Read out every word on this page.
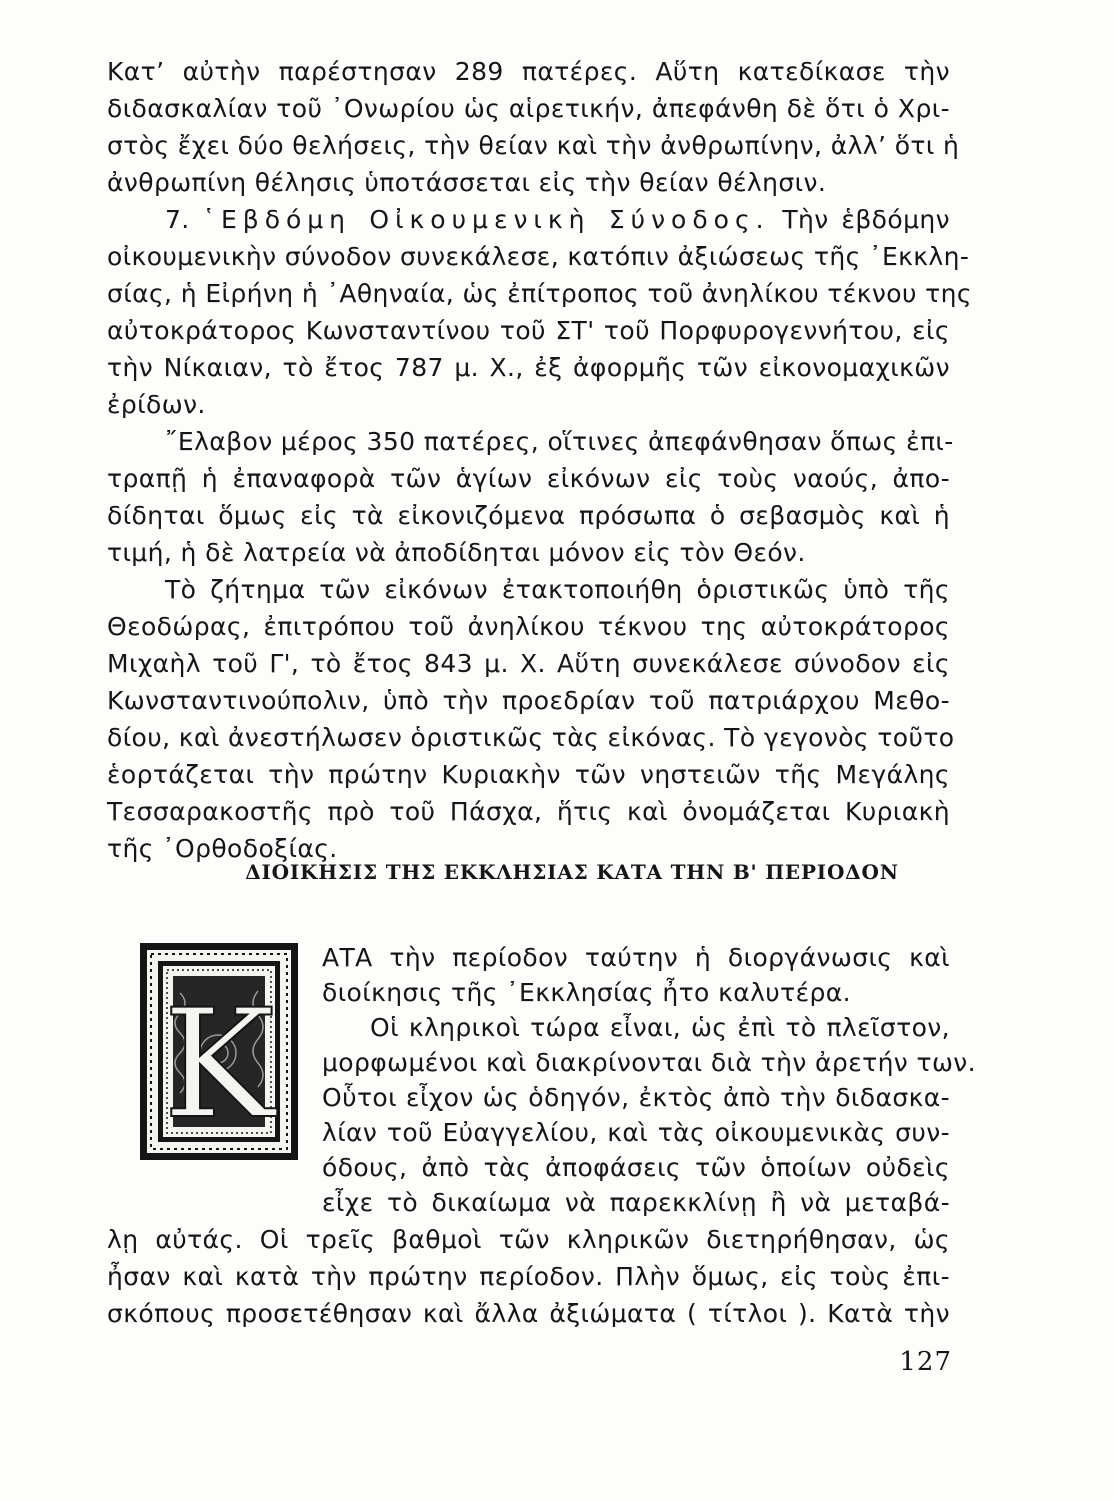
Κατ’ αὐτὴν παρέστησαν 289 πατέρες. Αὕτη κατεδίκασε τὴν
διδασκαλίαν τοῦ ᾿Ονωρίου ὡς αἱρετικήν, ἀπεφάνθη δὲ ὅτι ὁ Χρι-
στὸς ἔχει δύο θελήσεις, τὴν θείαν καὶ τὴν ἀνθρωπίνην, ἀλλ’ ὅτι ἡ
ἀνθρωπίνη θέλησις ὑποτάσσεται εἰς τὴν θείαν θέλησιν.
7. ῾Εβδόμη Οἰκουμενικὴ Σύνοδος. Τὴν ἑβδόμην
οἰκουμενικὴν σύνοδον συνεκάλεσε, κατόπιν ἀξιώσεως τῆς ᾿Εκκλη-
σίας, ἡ Εἰρήνη ἡ ᾿Αθηναία, ὡς ἐπίτροπος τοῦ ἀνηλίκου τέκνου της
αὐτοκράτορος Κωνσταντίνου τοῦ ΣΤ' τοῦ Πορφυρογεννήτου, εἰς
τὴν Νίκαιαν, τὸ ἔτος 787 μ. Χ., ἐξ ἀφορμῆς τῶν εἰκονομαχικῶν
ἐρίδων.
῎Ελαβον μέρος 350 πατέρες, οἵτινες ἀπεφάνθησαν ὅπως ἐπι-
τραπῇ ἡ ἐπαναφορὰ τῶν ἁγίων εἰκόνων εἰς τοὺς ναούς, ἀπο-
δίδηται ὅμως εἰς τὰ εἰκονιζόμενα πρόσωπα ὁ σεβασμὸς καὶ ἡ
τιμή, ἡ δὲ λατρεία νὰ ἀποδίδηται μόνον εἰς τὸν Θεόν.
Τὸ ζήτημα τῶν εἰκόνων ἐτακτοποιήθη ὁριστικῶς ὑπὸ τῆς
Θεοδώρας, ἐπιτρόπου τοῦ ἀνηλίκου τέκνου της αὐτοκράτορος
Μιχαὴλ τοῦ Γ', τὸ ἔτος 843 μ. Χ. Αὕτη συνεκάλεσε σύνοδον εἰς
Κωνσταντινούπολιν, ὑπὸ τὴν προεδρίαν τοῦ πατριάρχου Μεθο-
δίου, καὶ ἀνεστήλωσεν ὁριστικῶς τὰς εἰκόνας. Τὸ γεγονὸς τοῦτο
ἑορτάζεται τὴν πρώτην Κυριακὴν τῶν νηστειῶν τῆς Μεγάλης
Τεσσαρακοστῆς πρὸ τοῦ Πάσχα, ἥτις καὶ ὀνομάζεται Κυριακὴ
τῆς ᾿Ορθοδοξίας.
ΔΙΟΙΚΗΣΙΣ ΤΗΣ ΕΚΚΛΗΣΙΑΣ ΚΑΤΑ ΤΗΝ Β' ΠΕΡΙΟΔΟΝ
Κ
ΑΤΑ τὴν περίοδον ταύτην ἡ διοργάνωσις καὶ
διοίκησις τῆς ᾿Εκκλησίας ἦτο καλυτέρα.
Οἱ κληρικοὶ τώρα εἶναι, ὡς ἐπὶ τὸ πλεῖστον,
μορφωμένοι καὶ διακρίνονται διὰ τὴν ἀρετήν των.
Οὗτοι εἶχον ὡς ὁδηγόν, ἐκτὸς ἀπὸ τὴν διδασκα-
λίαν τοῦ Εὐαγγελίου, καὶ τὰς οἰκουμενικὰς συν-
όδους, ἀπὸ τὰς ἀποφάσεις τῶν ὁποίων οὐδεὶς
εἶχε τὸ δικαίωμα νὰ παρεκκλίνῃ ἢ νὰ μεταβά-
λῃ αὐτάς. Οἱ τρεῖς βαθμοὶ τῶν κληρικῶν διετηρήθησαν, ὡς
ἦσαν καὶ κατὰ τὴν πρώτην περίοδον. Πλὴν ὅμως, εἰς τοὺς ἐπι-
σκόπους προσετέθησαν καὶ ἄλλα ἀξιώματα ( τίτλοι ). Κατὰ τὴν
127
